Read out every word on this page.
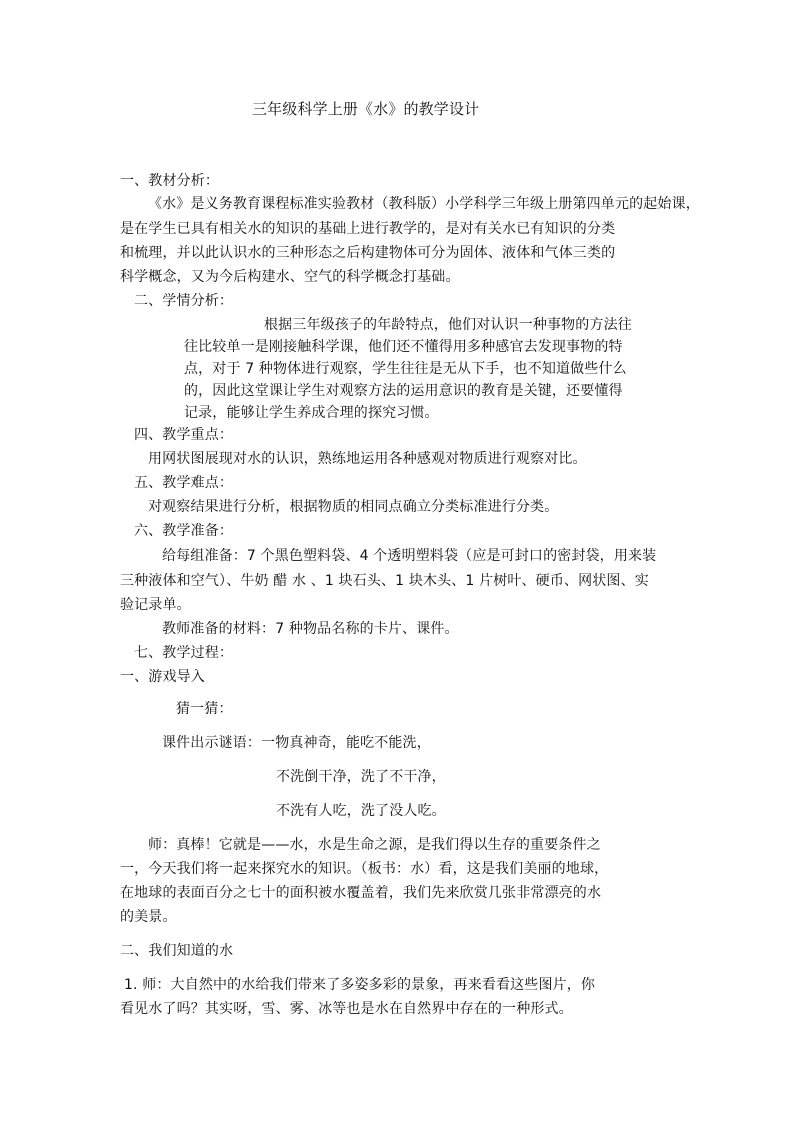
三年级科学上册《水》的教学设计
一、教材分析：
《水》是义务教育课程标准实验教材（教科版）小学科学三年级上册第四单元的起始课，
是在学生已具有相关水的知识的基础上进行教学的，是对有关水已有知识的分类
和梳理，并以此认识水的三种形态之后构建物体可分为固体、液体和气体三类的
科学概念，又为今后构建水、空气的科学概念打基础。
二、学情分析：
根据三年级孩子的年龄特点，他们对认识一种事物的方法往
往比较单一是刚接触科学课，他们还不懂得用多种感官去发现事物的特
点，对于 7 种物体进行观察，学生往往是无从下手，也不知道做些什么
的，因此这堂课让学生对观察方法的运用意识的教育是关键，还要懂得
记录，能够让学生养成合理的探究习惯。
四、教学重点：
用网状图展现对水的认识，熟练地运用各种感观对物质进行观察对比。
五、教学难点：
对观察结果进行分析，根据物质的相同点确立分类标准进行分类。
六、教学准备：
给每组准备：7 个黑色塑料袋、4 个透明塑料袋（应是可封口的密封袋，用来装
三种液体和空气）、牛奶 醋 水 、1 块石头、1 块木头、1 片树叶、硬币、网状图、实
验记录单。
教师准备的材料：7 种物品名称的卡片、课件。
七、教学过程：
一、游戏导入
猜一猜：
课件出示谜语：一物真神奇，能吃不能洗，
不洗倒干净，洗了不干净，
不洗有人吃，洗了没人吃。
师：真棒！它就是——水，水是生命之源，是我们得以生存的重要条件之
一，今天我们将一起来探究水的知识。（板书：水）看，这是我们美丽的地球，
在地球的表面百分之七十的面积被水覆盖着，我们先来欣赏几张非常漂亮的水
的美景。
二、我们知道的水
1. 师：大自然中的水给我们带来了多姿多彩的景象，再来看看这些图片，你
看见水了吗？其实呀，雪、雾、冰等也是水在自然界中存在的一种形式。
